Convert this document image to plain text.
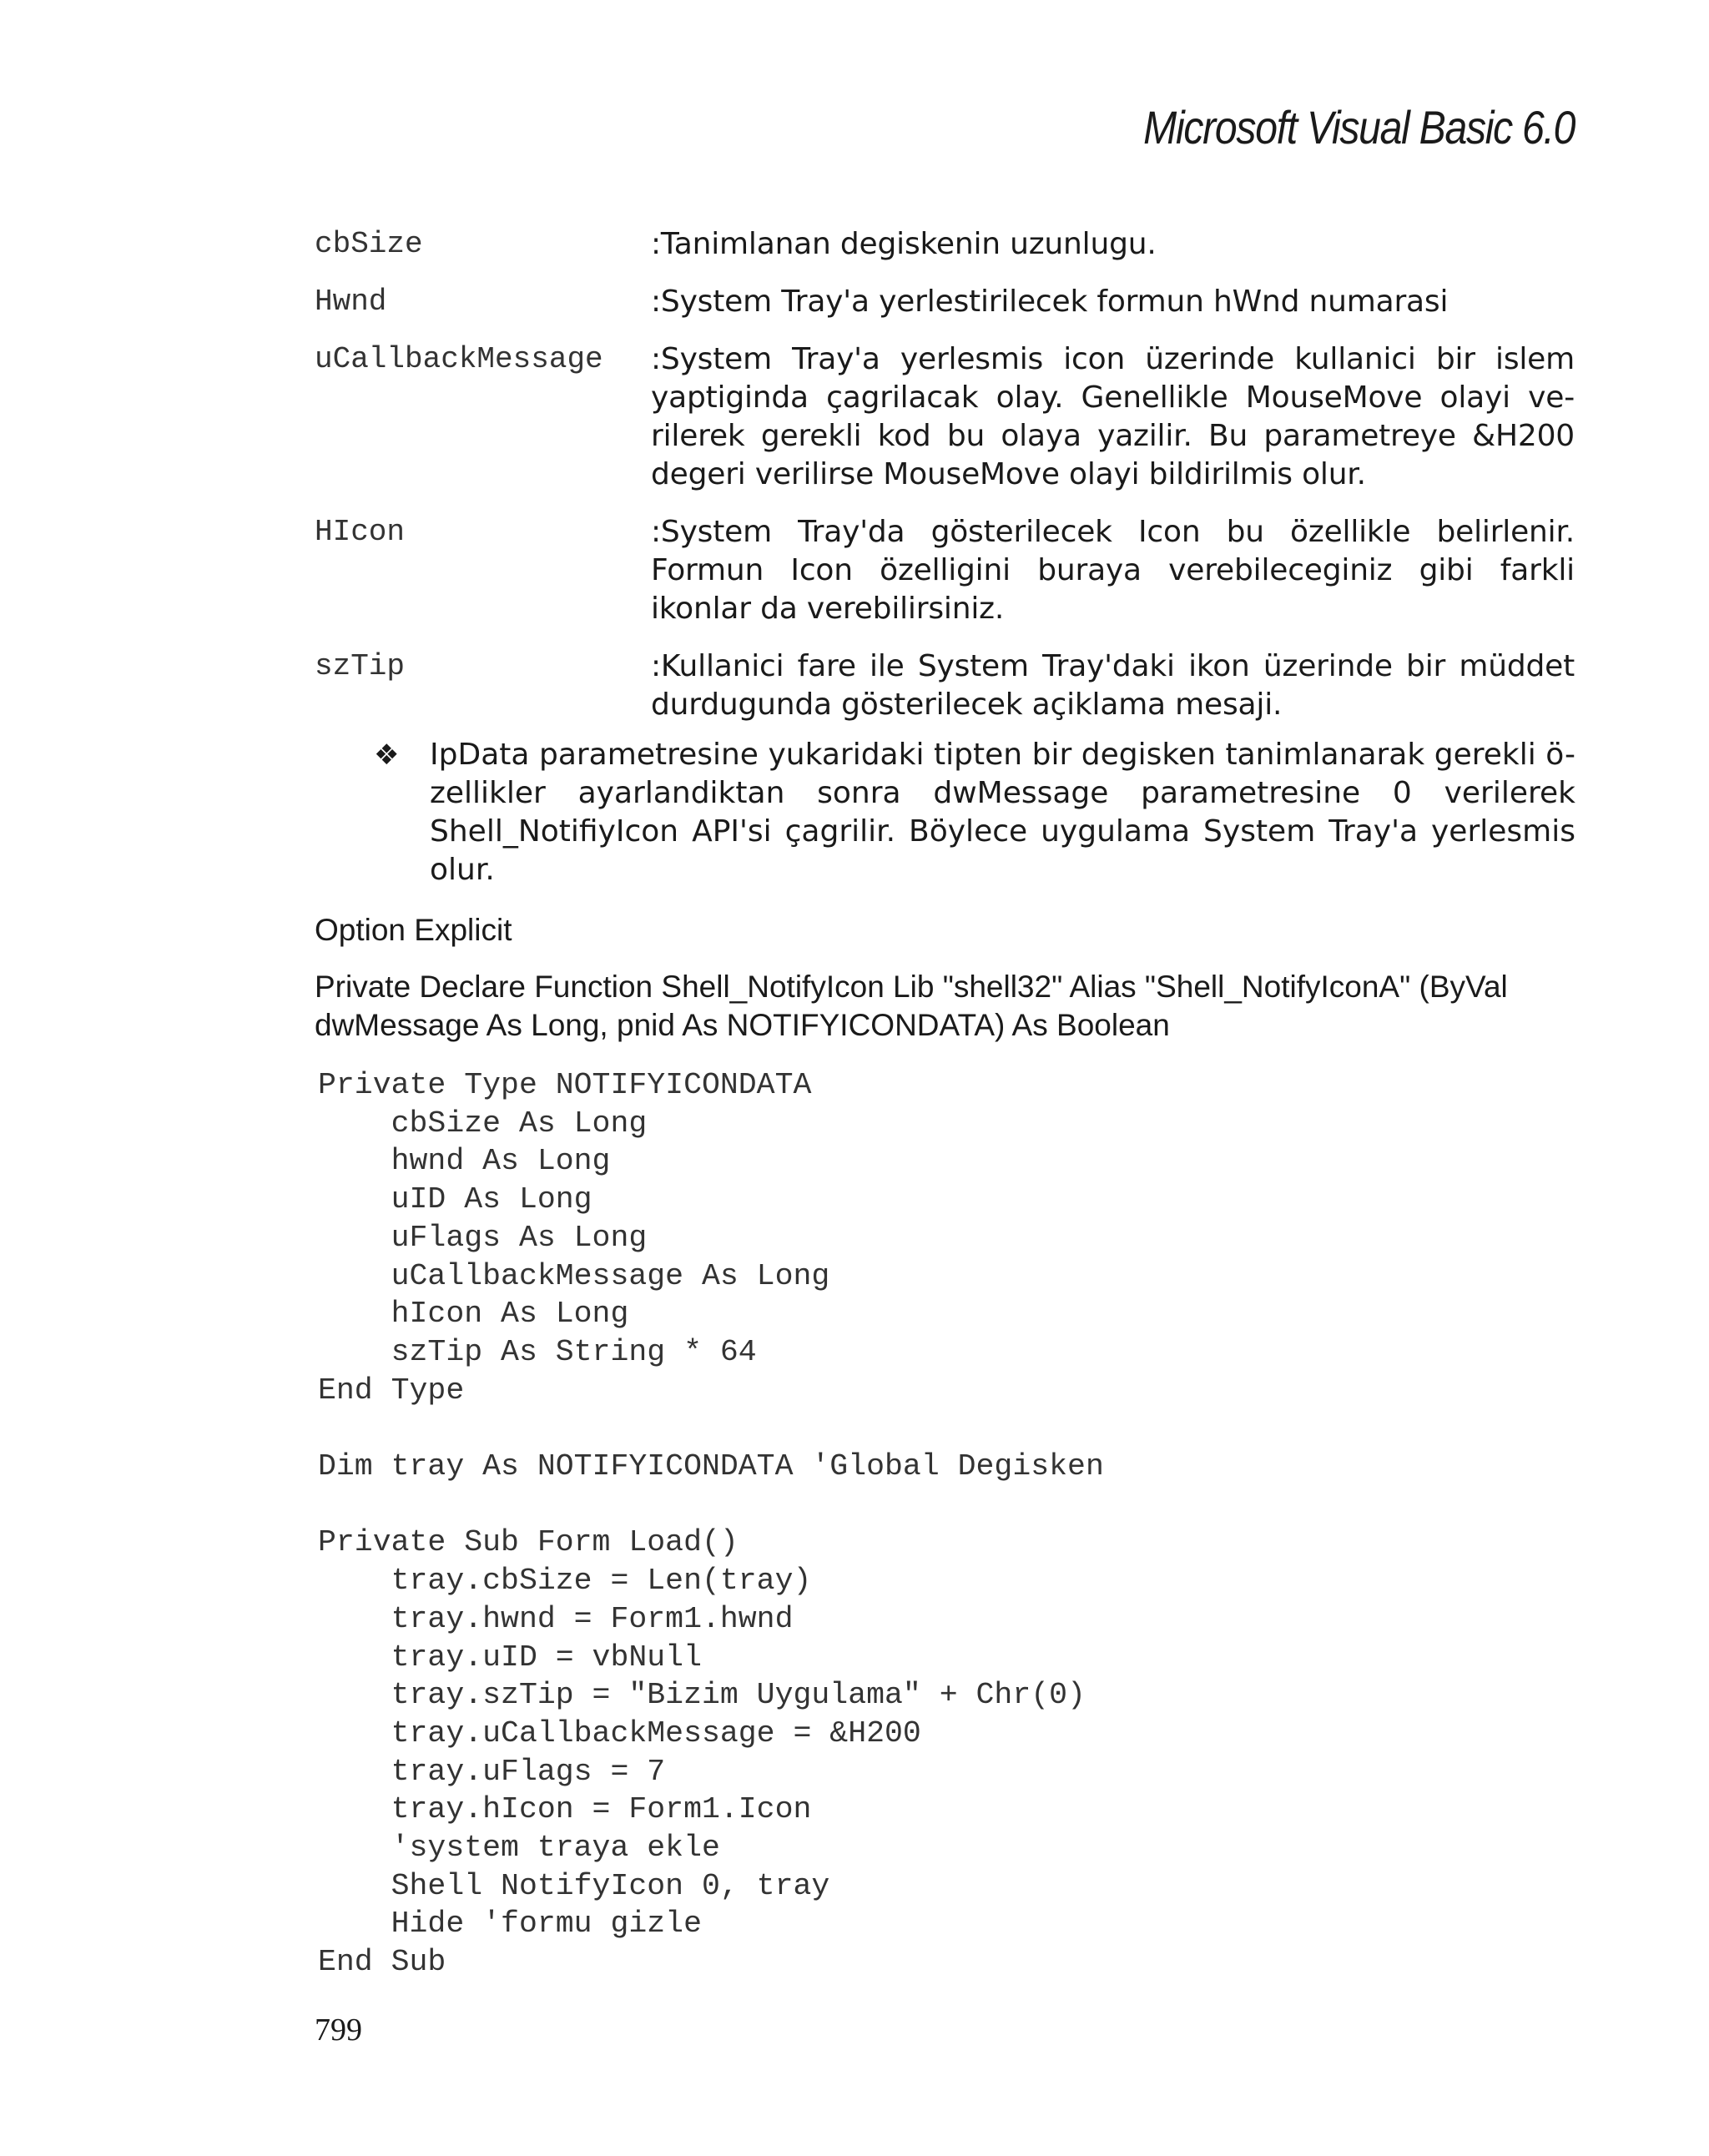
Microsoft Visual Basic 6.0
cbSize	:Tanimlanan degiskenin uzunlugu.
Hwnd	:System Tray'a yerlestirilecek formun hWnd numarasi
uCallbackMessage	:System Tray'a yerlesmis icon üzerinde kullanici bir islem yaptiginda çagrilacak olay. Genellikle MouseMove olayi ve-rilerek gerekli kod bu olaya yazilir. Bu parametreye &H200 degeri verilirse MouseMove olayi bildirilmis olur.
HIcon	:System Tray'da gösterilecek Icon bu özellikle belirlenir. Formun Icon özelligini buraya verebileceginiz gibi farkli ikonlar da verebilirsiniz.
szTip	:Kullanici fare ile System Tray'daki ikon üzerinde bir müddet durdugunda gösterilecek açiklama mesaji.
❖	IpData parametresine yukaridaki tipten bir degisken tanimlanarak gerekli ö-zellikler ayarlandiktan sonra dwMessage parametresine 0 verilerek Shell_NotifiyIcon API'si çagrilir. Böylece uygulama System Tray'a yerlesmis olur.
Option Explicit
Private Declare Function Shell_NotifyIcon Lib "shell32" Alias "Shell_NotifyIconA" (ByVal dwMessage As Long, pnid As NOTIFYICONDATA) As Boolean
Private Type NOTIFYICONDATA
cbSize As Long
hwnd As Long
uID As Long
uFlags As Long
uCallbackMessage As Long
hIcon As Long
szTip As String * 64
End Type

Dim tray As NOTIFYICONDATA 'Global Degisken

Private Sub Form Load()
tray.cbSize = Len(tray)
tray.hwnd = Form1.hwnd
tray.uID = vbNull
tray.szTip = "Bizim Uygulama" + Chr(0)
tray.uCallbackMessage = &H200
tray.uFlags = 7
tray.hIcon = Form1.Icon
'system traya ekle
Shell NotifyIcon 0, tray
Hide 'formu gizle
End Sub
799
